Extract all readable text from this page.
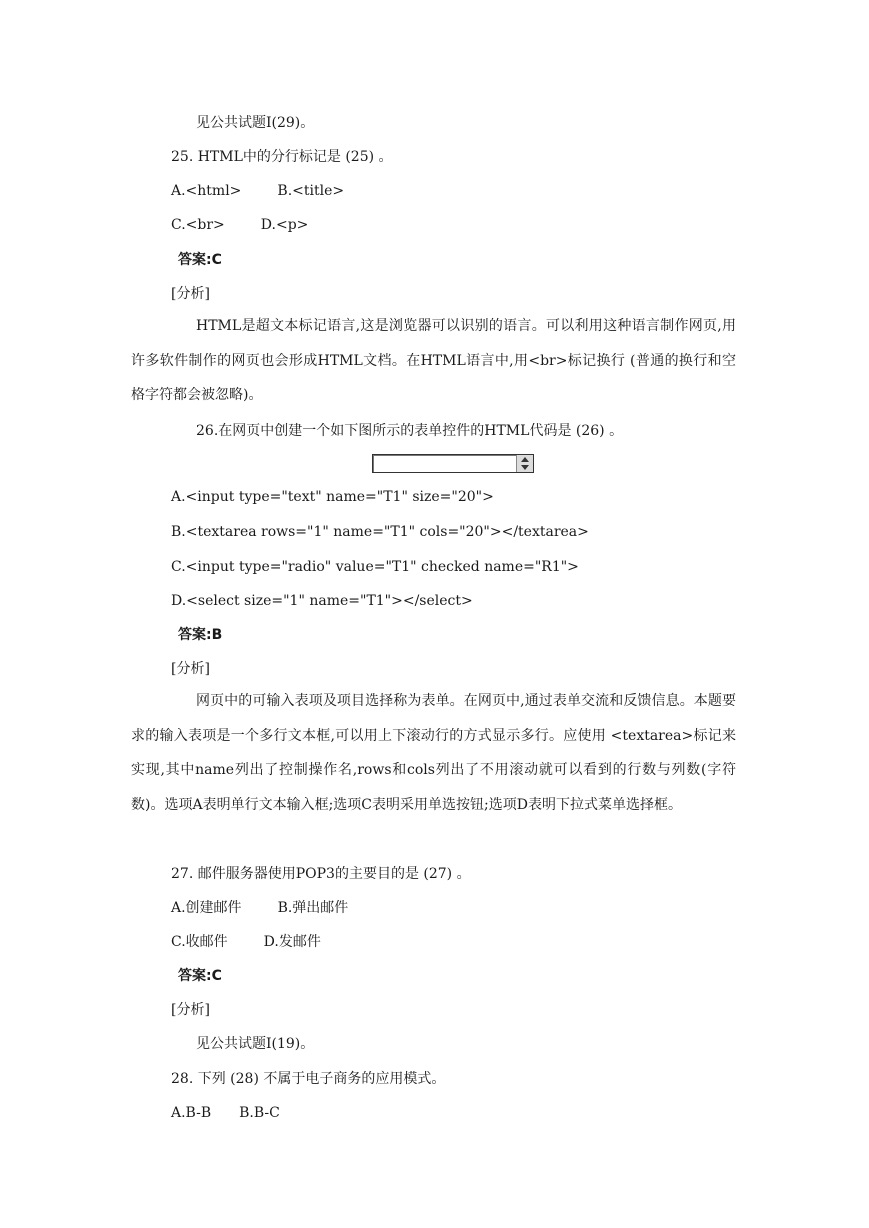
见公共试题Ⅰ(29)。
25. HTML中的分行标记是 (25) 。
A.<html>	B.<title>
C.<br>	D.<p>
答案:C
[分析]
HTML是超文本标记语言,这是浏览器可以识别的语言。可以利用这种语言制作网页,用许多软件制作的网页也会形成HTML文档。在HTML语言中,用<br>标记换行 (普通的换行和空格字符都会被忽略)。
26.在网页中创建一个如下图所示的表单控件的HTML代码是 (26) 。
A.<input type="text" name="T1" size="20">
B.<textarea rows="1" name="T1" cols="20"></textarea>
C.<input type="radio" value="T1" checked name="R1">
D.<select size="1" name="T1"></select>
答案:B
[分析]
网页中的可输入表项及项目选择称为表单。在网页中,通过表单交流和反馈信息。本题要求的输入表项是一个多行文本框,可以用上下滚动行的方式显示多行。应使用 <textarea>标记来实现,其中name列出了控制操作名,rows和cols列出了不用滚动就可以看到的行数与列数(字符数)。选项A表明单行文本输入框;选项C表明采用单选按钮;选项D表明下拉式菜单选择框。
27. 邮件服务器使用POP3的主要目的是 (27) 。
A.创建邮件	B.弹出邮件
C.收邮件	D.发邮件
答案:C
[分析]
见公共试题Ⅰ(19)。
28. 下列 (28) 不属于电子商务的应用模式。
A.B-B B.B-C
